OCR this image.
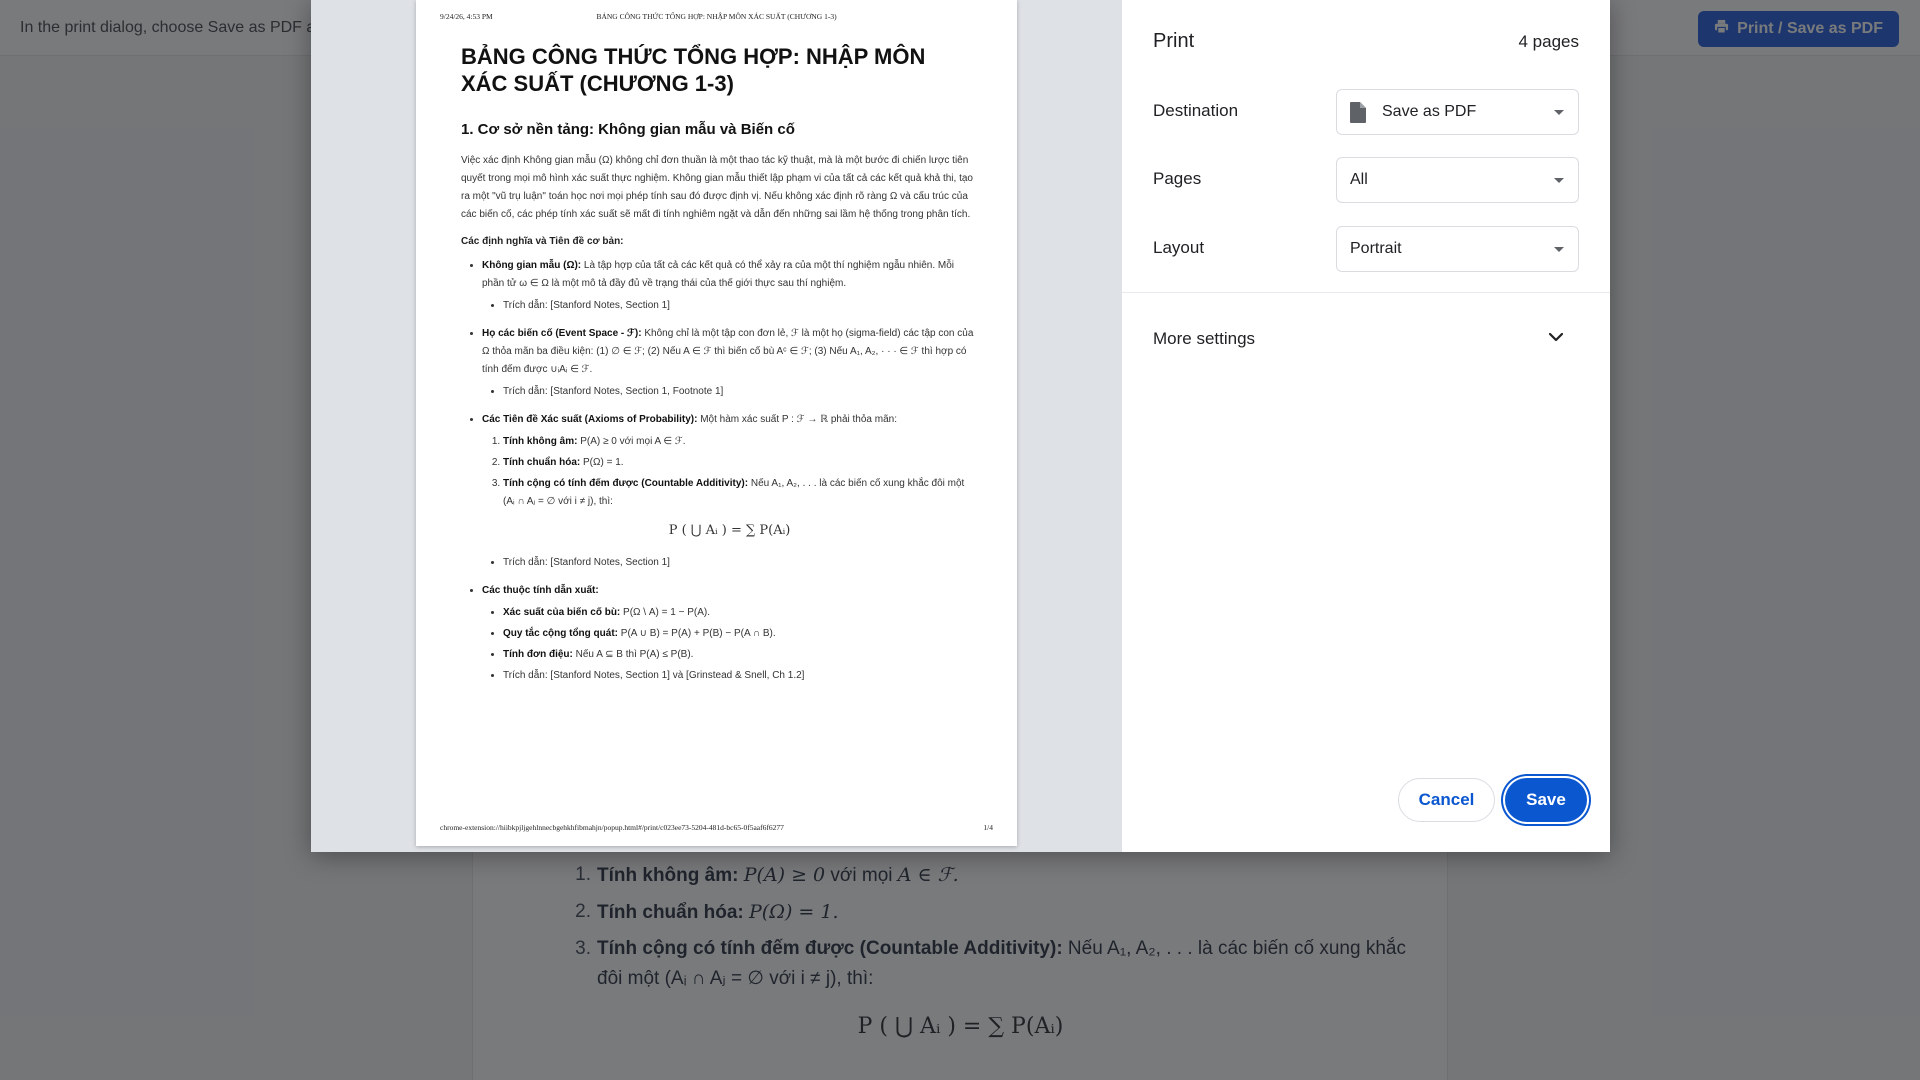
9/24/26, 4:53 PM	BẢNG CÔNG THỨC TỔNG HỢP: NHẬP MÔN XÁC SUẤT (CHƯƠNG 1-3)
BẢNG CÔNG THỨC TỔNG HỢP: NHẬP MÔN XÁC SUẤT (CHƯƠNG 1-3)
1. Cơ sở nền tảng: Không gian mẫu và Biến cố
Việc xác định Không gian mẫu (Ω) không chỉ đơn thuần là một thao tác kỹ thuật, mà là một bước đi chiến lược tiên quyết trong mọi mô hình xác suất thực nghiệm. Không gian mẫu thiết lập phạm vi của tất cả các kết quả khả thi, tạo ra một "vũ trụ luận" toán học nơi mọi phép tính sau đó được định vị. Nếu không xác định rõ ràng Ω và cấu trúc của các biến cố, các phép tính xác suất sẽ mất đi tính nghiêm ngặt và dẫn đến những sai lầm hệ thống trong phân tích.
Các định nghĩa và Tiên đề cơ bản:
• Không gian mẫu (Ω): Là tập hợp của tất cả các kết quả có thể xảy ra của một thí nghiệm ngẫu nhiên. Mỗi phần tử ω ∈ Ω là một mô tả đầy đủ về trạng thái của thế giới thực sau thí nghiệm.
• Trích dẫn: [Stanford Notes, Section 1]
• Họ các biến cố (Event Space - ℱ): Không chỉ là một tập con đơn lẻ, ℱ là một họ (sigma-field) các tập con của Ω thỏa mãn ba điều kiện: (1) ∅ ∈ ℱ; (2) Nếu A ∈ ℱ thì biến cố bù Aᶜ ∈ ℱ; (3) Nếu A₁, A₂, · · · ∈ ℱ thì hợp có tính đếm được ∪ᵢAᵢ ∈ ℱ.
• Trích dẫn: [Stanford Notes, Section 1, Footnote 1]
• Các Tiên đề Xác suất (Axioms of Probability): Một hàm xác suất P : ℱ → ℝ phải thỏa mãn:
1. Tính không âm: P(A) ≥ 0 với mọi A ∈ ℱ.
2. Tính chuẩn hóa: P(Ω) = 1.
3. Tính cộng có tính đếm được (Countable Additivity): Nếu A₁, A₂, . . . là các biến cố xung khắc đôi một (Aᵢ ∩ Aⱼ = ∅ với i ≠ j), thì:
P ( ⋃ Aᵢ ) = ∑ P(Aᵢ)
• Trích dẫn: [Stanford Notes, Section 1]
• Các thuộc tính dẫn xuất:
• Xác suất của biến cố bù: P(Ω \ A) = 1 − P(A).
• Quy tắc cộng tổng quát: P(A ∪ B) = P(A) + P(B) − P(A ∩ B).
• Tính đơn điệu: Nếu A ⊆ B thì P(A) ≤ P(B).
• Trích dẫn: [Stanford Notes, Section 1] và [Grinstead & Snell, Ch 1.2]
chrome-extension://hiibkpjljgehlnnecbgehkhfibmahjn/popup.html#/print/c023ee73-5204-481d-bc65-0f5aaf6f6277	1/4
Print	4 pages
Destination	Save as PDF
Pages	All
Layout	Portrait
More settings
Cancel	Save
